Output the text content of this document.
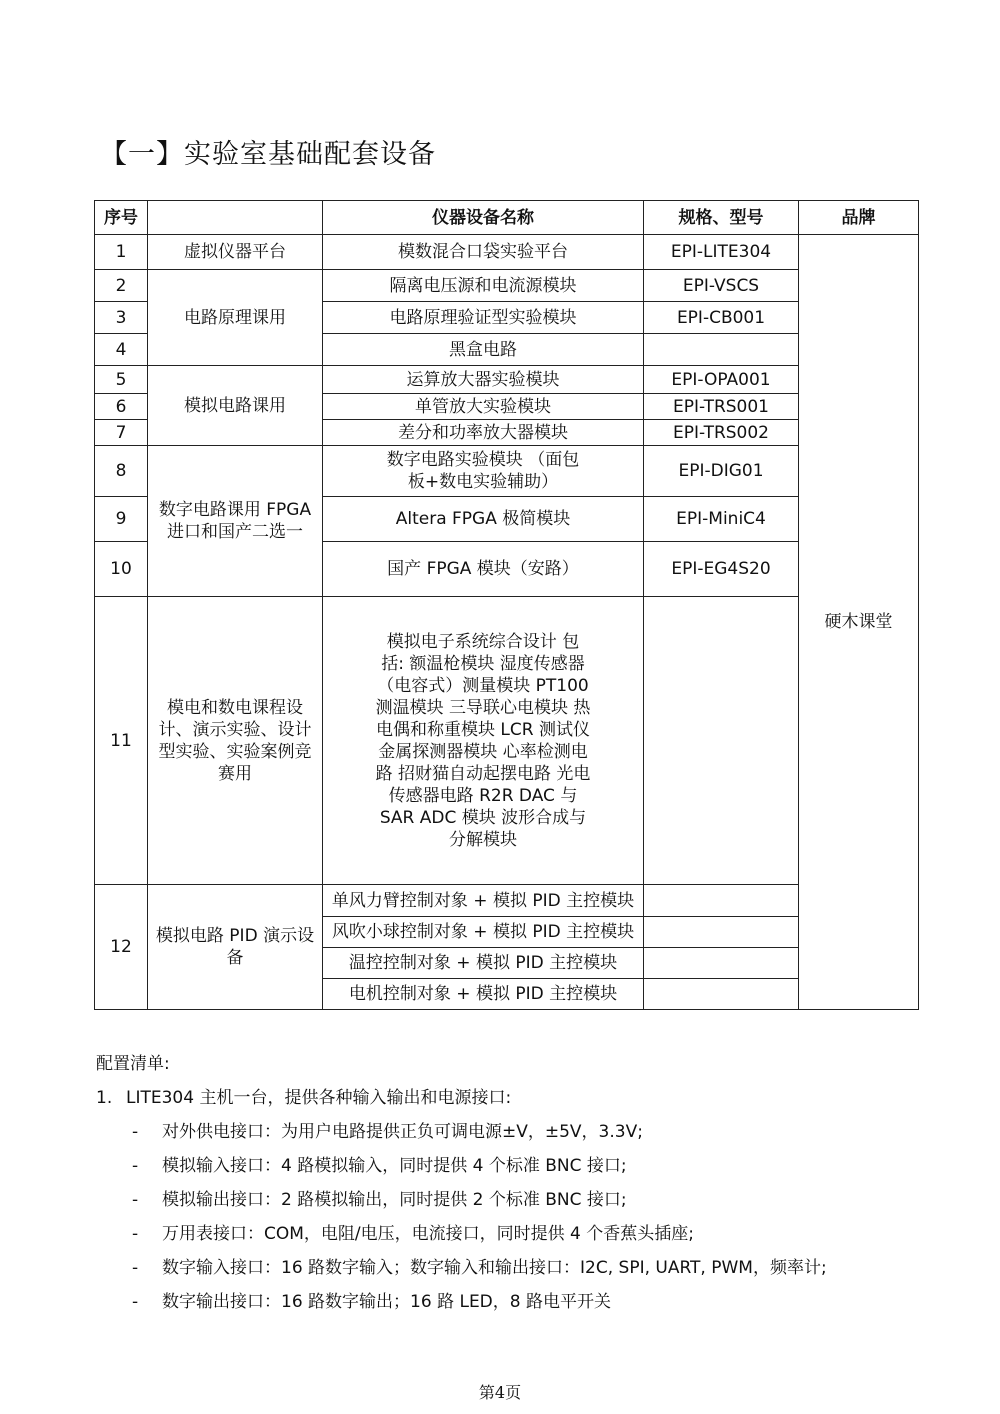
【一】实验室基础配套设备
序号		仪器设备名称	规格、型号	品牌
1	虚拟仪器平台	模数混合口袋实验平台	EPI-LITE304	硬木课堂
2	电路原理课用	隔离电压源和电流源模块	EPI-VSCS	
3		电路原理验证型实验模块	EPI-CB001	
4		黑盒电路		
5	模拟电路课用	运算放大器实验模块	EPI-OPA001	
6		单管放大实验模块	EPI-TRS001	
7		差分和功率放大器模块	EPI-TRS002	
8	数字电路课用 FPGA 进口和国产二选一	数字电路实验模块 （面包板+数电实验辅助）	EPI-DIG01	
9		Altera FPGA 极简模块	EPI-MiniC4	
10		国产 FPGA 模块（安路）	EPI-EG4S20	
11	模电和数电课程设计、演示实验、设计型实验、实验案例竞赛用	模拟电子系统综合设计 包括: 额温枪模块 湿度传感器（电容式）测量模块 PT100 测温模块 三导联心电模块 热电偶和称重模块 LCR 测试仪 金属探测器模块 心率检测电路 招财猫自动起摆电路 光电传感器电路 R2R DAC 与 SAR ADC 模块 波形合成与分解模块		
12	模拟电路 PID 演示设备	单风力臂控制对象 + 模拟 PID 主控模块		
		风吹小球控制对象 + 模拟 PID 主控模块		
		温控控制对象 + 模拟 PID 主控模块		
		电机控制对象 + 模拟 PID 主控模块		
配置清单:
1. LITE304 主机一台，提供各种输入输出和电源接口:
- 对外供电接口：为用户电路提供正负可调电源±V，±5V，3.3V;
- 模拟输入接口：4 路模拟输入，同时提供 4 个标准 BNC 接口;
- 模拟输出接口：2 路模拟输出，同时提供 2 个标准 BNC 接口;
- 万用表接口：COM，电阻/电压，电流接口，同时提供 4 个香蕉头插座;
- 数字输入接口：16 路数字输入；数字输入和输出接口：I2C, SPI, UART, PWM，频率计;
- 数字输出接口：16 路数字输出；16 路 LED，8 路电平开关
第4页
